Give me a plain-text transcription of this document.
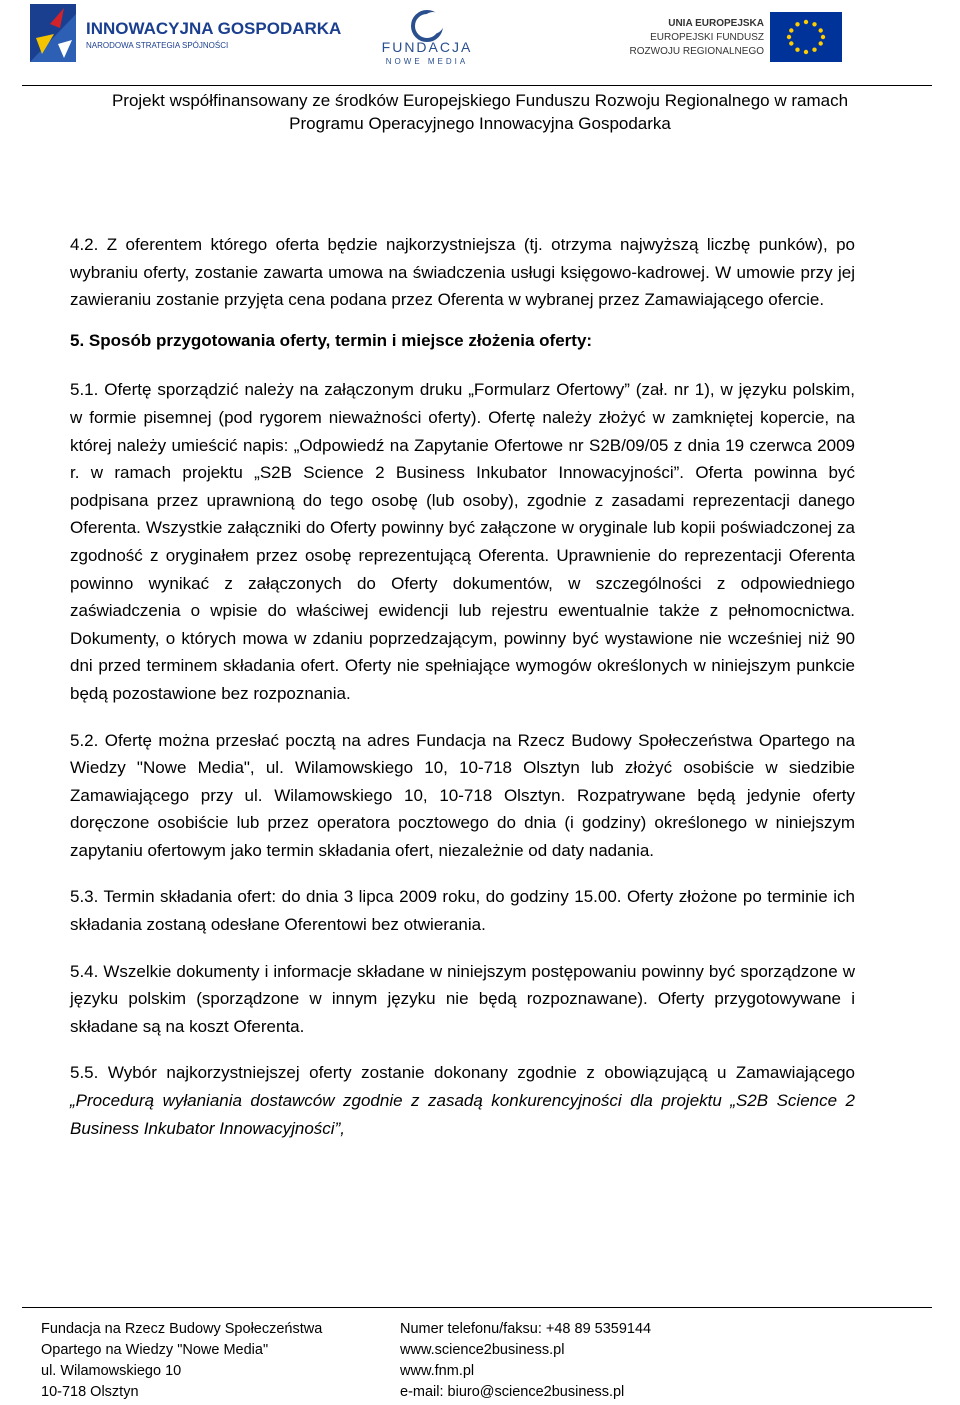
INNOWACYJNA GOSPODARKA
NARODOWA STRATEGIA SPÓJNOŚCI	FUNDACJA
NOWE MEDIA
UNIA EUROPEJSKA
EUROPEJSKI FUNDUSZ
ROZWOJU REGIONALNEGO
Projekt współfinansowany ze środków Europejskiego Funduszu Rozwoju Regionalnego w ramach
Programu Operacyjnego Innowacyjna Gospodarka

4.2. Z oferentem którego oferta będzie najkorzystniejsza (tj. otrzyma najwyższą liczbę punków), po wybraniu oferty, zostanie zawarta umowa na świadczenia usługi księgowo-kadrowej. W umowie przy jej zawieraniu zostanie przyjęta cena podana przez Oferenta w wybranej przez Zamawiającego ofercie.

5. Sposób przygotowania oferty, termin i miejsce złożenia oferty:

5.1. Ofertę sporządzić należy na załączonym druku „Formularz Ofertowy” (zał. nr 1), w języku polskim, w formie pisemnej (pod rygorem nieważności oferty). Ofertę należy złożyć w zamkniętej kopercie, na której należy umieścić napis: „Odpowiedź na Zapytanie Ofertowe nr S2B/09/05 z dnia 19 czerwca 2009 r. w ramach projektu „S2B Science 2 Business Inkubator Innowacyjności”. Oferta powinna być podpisana przez uprawnioną do tego osobę (lub osoby), zgodnie z zasadami reprezentacji danego Oferenta. Wszystkie załączniki do Oferty powinny być załączone w oryginale lub kopii poświadczonej za zgodność z oryginałem przez osobę reprezentującą Oferenta. Uprawnienie do reprezentacji Oferenta powinno wynikać z załączonych do Oferty dokumentów, w szczególności z odpowiedniego zaświadczenia o wpisie do właściwej ewidencji lub rejestru ewentualnie także z pełnomocnictwa. Dokumenty, o których mowa w zdaniu poprzedzającym, powinny być wystawione nie wcześniej niż 90 dni przed terminem składania ofert. Oferty nie spełniające wymogów określonych w niniejszym punkcie będą pozostawione bez rozpoznania.

5.2. Ofertę można przesłać pocztą na adres Fundacja na Rzecz Budowy Społeczeństwa Opartego na Wiedzy "Nowe Media", ul. Wilamowskiego 10, 10-718 Olsztyn lub złożyć osobiście w siedzibie Zamawiającego przy ul. Wilamowskiego 10, 10-718 Olsztyn. Rozpatrywane będą jedynie oferty doręczone osobiście lub przez operatora pocztowego do dnia (i godziny) określonego w niniejszym zapytaniu ofertowym jako termin składania ofert, niezależnie od daty nadania.

5.3. Termin składania ofert: do dnia 3 lipca 2009 roku, do godziny 15.00. Oferty złożone po terminie ich składania zostaną odesłane Oferentowi bez otwierania.

5.4. Wszelkie dokumenty i informacje składane w niniejszym postępowaniu powinny być sporządzone w języku polskim (sporządzone w innym języku nie będą rozpoznawane). Oferty przygotowywane i składane są na koszt Oferenta.

5.5. Wybór najkorzystniejszej oferty zostanie dokonany zgodnie z obowiązującą u Zamawiającego „Procedurą wyłaniania dostawców zgodnie z zasadą konkurencyjności dla projektu „S2B Science 2 Business Inkubator Innowacyjności”,

Fundacja na Rzecz Budowy Społeczeństwa
Opartego na Wiedzy "Nowe Media"
ul. Wilamowskiego 10
10-718 Olsztyn
Numer telefonu/faksu: +48 89 5359144
www.science2business.pl
www.fnm.pl
e-mail: biuro@science2business.pl
